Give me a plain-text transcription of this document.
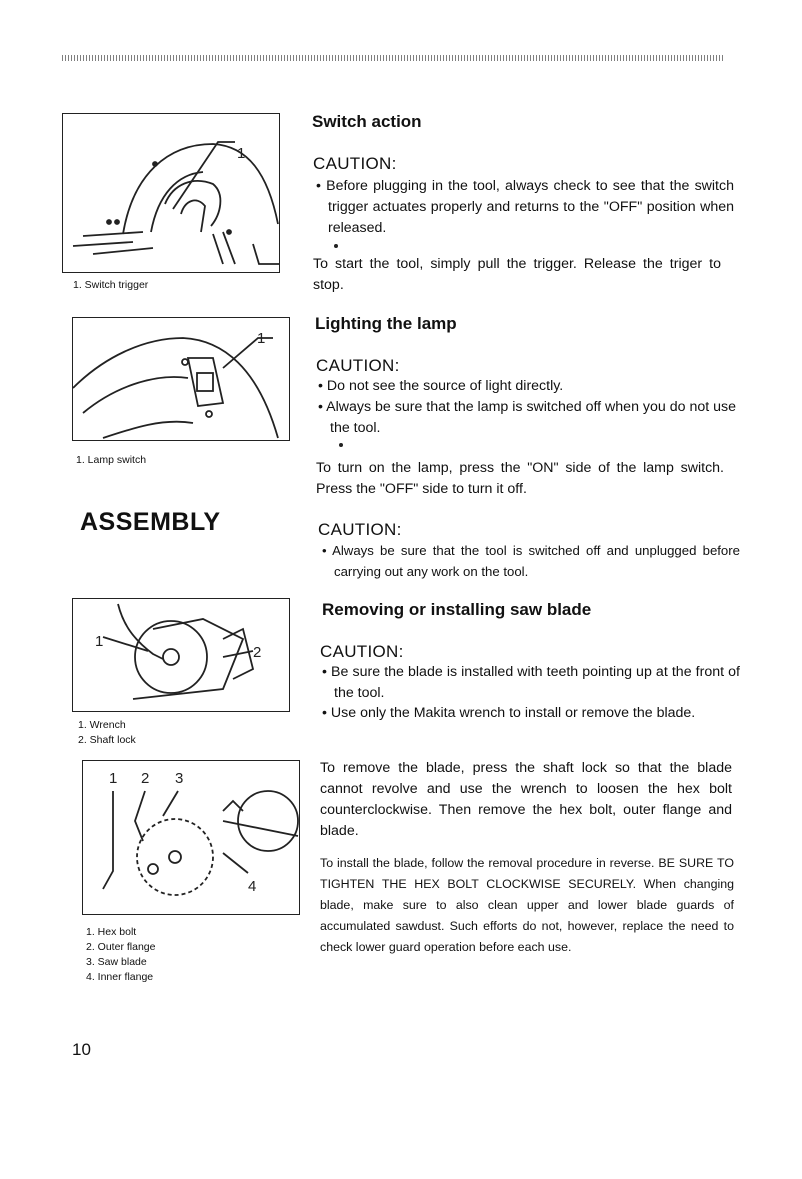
1
1. Switch trigger
1
1. Lamp switch
ASSEMBLY
1
2
1. Wrench
2. Shaft lock
1 2 3
4
1. Hex bolt
2. Outer flange
3. Saw blade
4. Inner flange
10
Switch action
CAUTION:
• Before plugging in the tool, always check to see that the switch trigger actuates properly and returns to the "OFF" position when released.
To start the tool, simply pull the trigger. Release the triger to stop.
Lighting the lamp
CAUTION:
• Do not see the source of light directly.
• Always be sure that the lamp is switched off when you do not use the tool.
To turn on the lamp, press the "ON" side of the lamp switch. Press the "OFF" side to turn it off.
CAUTION:
• Always be sure that the tool is switched off and unplugged before carrying out any work on the tool.
Removing or installing saw blade
CAUTION:
• Be sure the blade is installed with teeth pointing up at the front of the tool.
• Use only the Makita wrench to install or remove the blade.
To remove the blade, press the shaft lock so that the blade cannot revolve and use the wrench to loosen the hex bolt counterclockwise. Then remove the hex bolt, outer flange and blade.
To install the blade, follow the removal procedure in reverse. BE SURE TO TIGHTEN THE HEX BOLT CLOCKWISE SECURELY. When changing blade, make sure to also clean upper and lower blade guards of accumulated sawdust. Such efforts do not, however, replace the need to check lower guard operation before each use.
